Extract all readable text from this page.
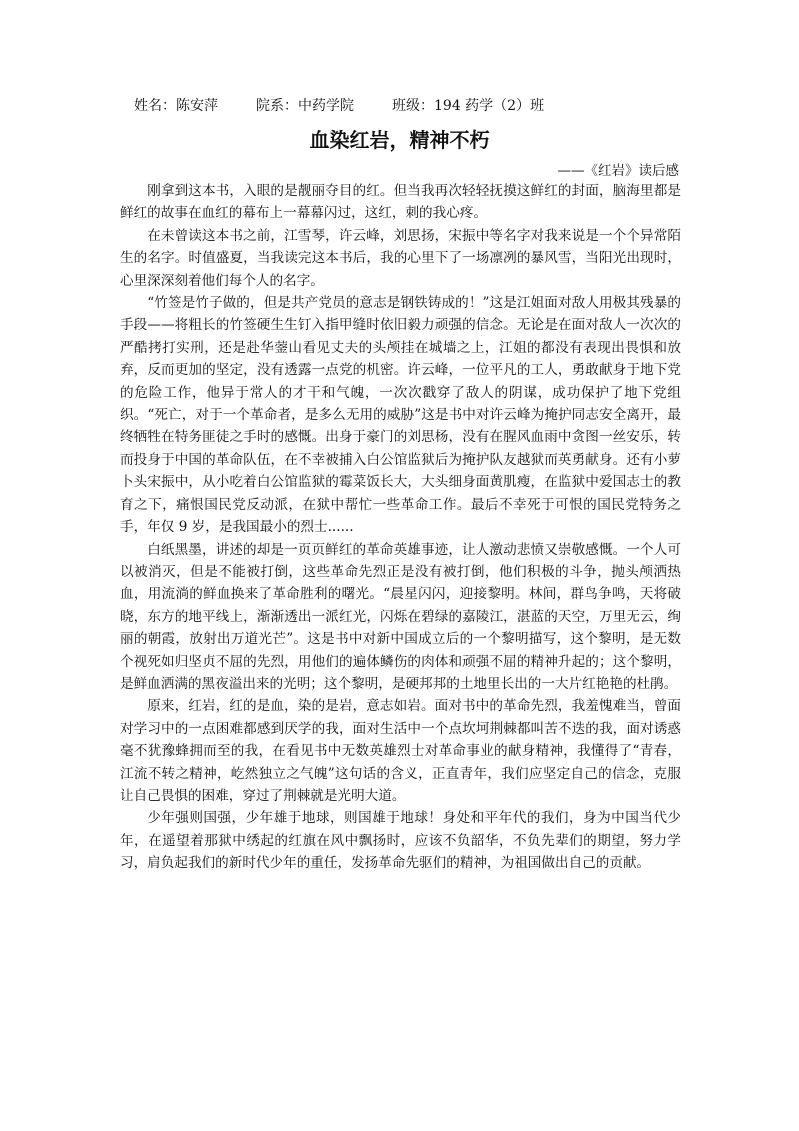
姓名：陈安萍	院系：中药学院	班级：194 药学（2）班
血染红岩，精神不朽
——《红岩》读后感

刚拿到这本书，入眼的是靓丽夺目的红。但当我再次轻轻抚摸这鲜红的封面，脑海里都是鲜红的故事在血红的幕布上一幕幕闪过，这红，刺的我心疼。

在未曾读这本书之前，江雪琴，许云峰，刘思扬，宋振中等名字对我来说是一个个异常陌生的名字。时值盛夏，当我读完这本书后，我的心里下了一场凛冽的暴风雪，当阳光出现时，心里深深刻着他们每个人的名字。

“竹签是竹子做的，但是共产党员的意志是钢铁铸成的！”这是江姐面对敌人用极其残暴的手段——将粗长的竹签硬生生钉入指甲缝时依旧毅力顽强的信念。无论是在面对敌人一次次的严酷拷打实刑，还是赴华蓥山看见丈夫的头颅挂在城墙之上，江姐的都没有表现出畏惧和放弃，反而更加的坚定，没有透露一点党的机密。许云峰，一位平凡的工人，勇敢献身于地下党的危险工作，他异于常人的才干和气魄，一次次戳穿了敌人的阴谋，成功保护了地下党组织。“死亡，对于一个革命者，是多么无用的威胁”这是书中对许云峰为掩护同志安全离开，最终牺牲在特务匪徒之手时的感慨。出身于豪门的刘思杨，没有在腥风血雨中贪图一丝安乐，转而投身于中国的革命队伍，在不幸被捕入白公馆监狱后为掩护队友越狱而英勇献身。还有小萝卜头宋振中，从小吃着白公馆监狱的霉菜饭长大，大头细身面黄肌瘦，在监狱中爱国志士的教育之下，痛恨国民党反动派，在狱中帮忙一些革命工作。最后不幸死于可恨的国民党特务之手，年仅 9 岁，是我国最小的烈士......

白纸黑墨，讲述的却是一页页鲜红的革命英雄事迹，让人激动悲愤又崇敬感慨。一个人可以被消灭，但是不能被打倒，这些革命先烈正是没有被打倒，他们积极的斗争，抛头颅洒热血，用流淌的鲜血换来了革命胜利的曙光。“晨星闪闪，迎接黎明。林间，群鸟争鸣，天将破晓，东方的地平线上，渐渐透出一派红光，闪烁在碧绿的嘉陵江，湛蓝的天空，万里无云，绚丽的朝霞，放射出万道光芒”。这是书中对新中国成立后的一个黎明描写，这个黎明，是无数个视死如归坚贞不屈的先烈，用他们的遍体鳞伤的肉体和顽强不屈的精神升起的；这个黎明，是鲜血洒满的黑夜溢出来的光明；这个黎明，是硬邦邦的土地里长出的一大片红艳艳的杜鹃。

原来，红岩，红的是血，染的是岩，意志如岩。面对书中的革命先烈，我羞愧难当，曾面对学习中的一点困难都感到厌学的我，面对生活中一个点坎坷荆棘都叫苦不迭的我，面对诱惑毫不犹豫蜂拥而至的我，在看见书中无数英雄烈士对革命事业的献身精神，我懂得了“青春，江流不转之精神，屹然独立之气魄”这句话的含义，正直青年，我们应坚定自己的信念，克服让自己畏惧的困难，穿过了荆棘就是光明大道。

少年强则国强，少年雄于地球，则国雄于地球！身处和平年代的我们，身为中国当代少年，在遥望着那狱中绣起的红旗在风中飘扬时，应该不负韶华，不负先辈们的期望，努力学习，肩负起我们的新时代少年的重任，发扬革命先驱们的精神，为祖国做出自己的贡献。
